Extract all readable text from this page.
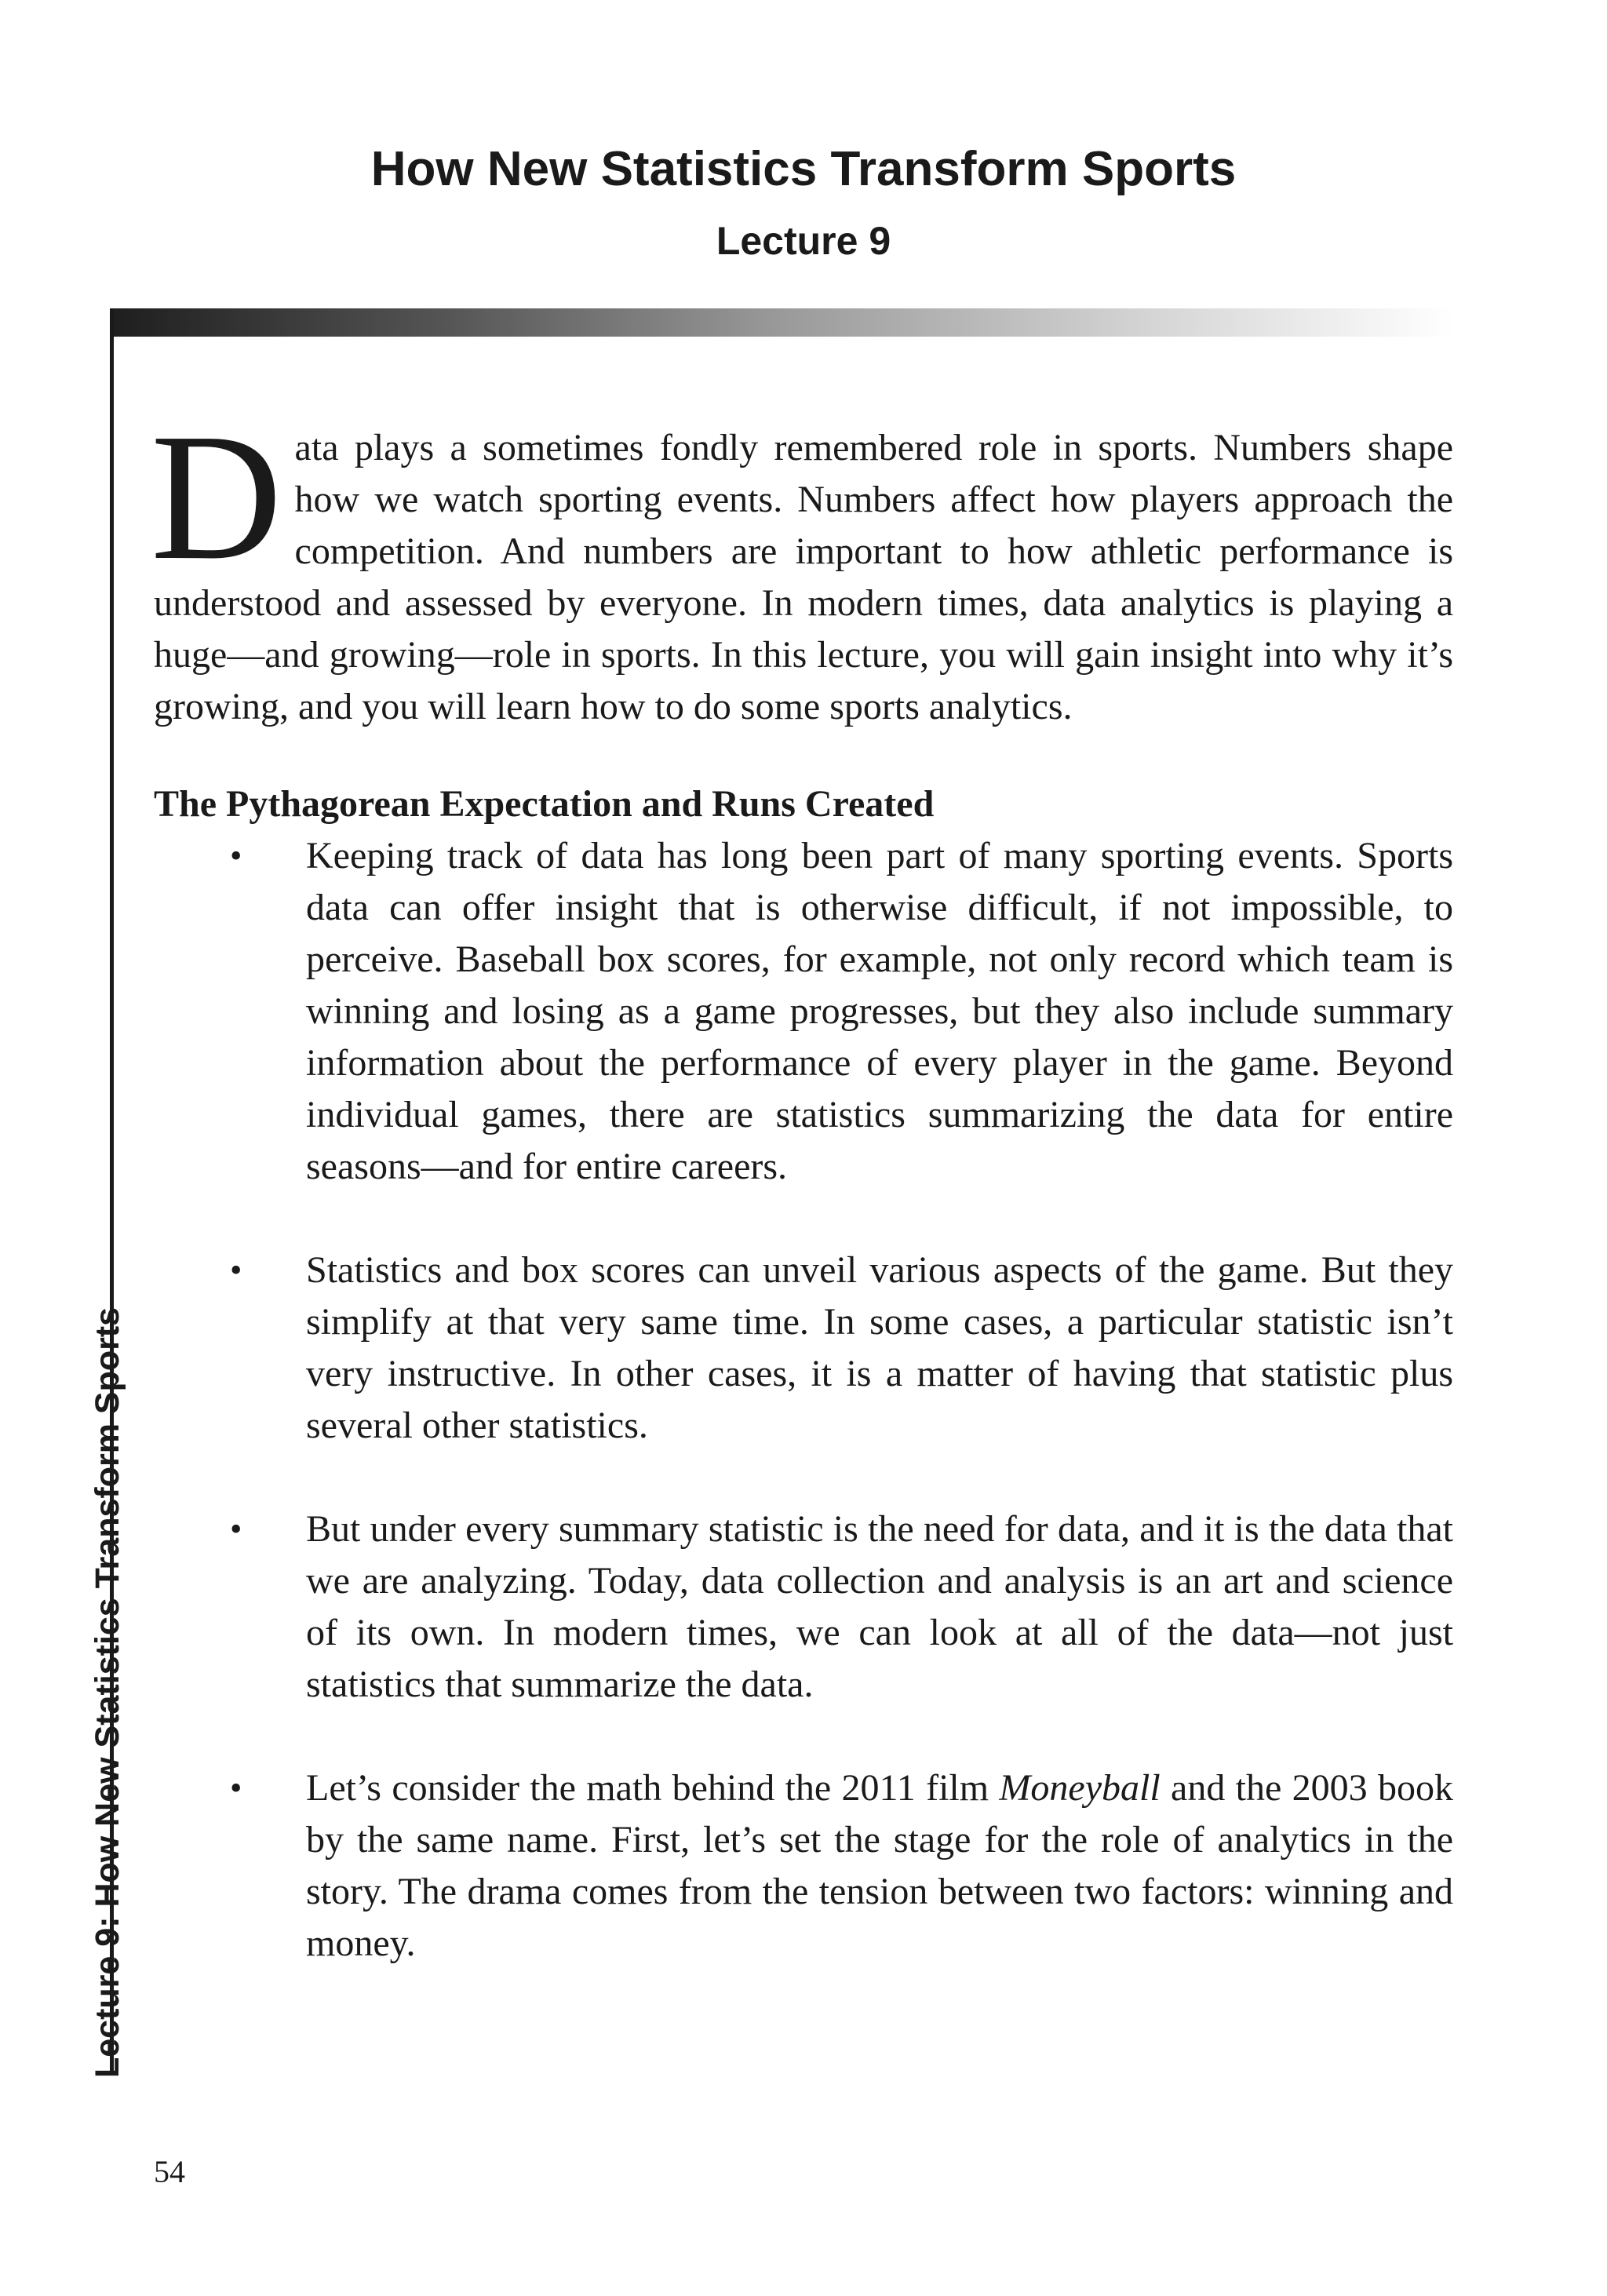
How New Statistics Transform Sports
Lecture 9
Lecture 9: How New Statistics Transform Sports

Data plays a sometimes fondly remembered role in sports. Numbers shape how we watch sporting events. Numbers affect how players approach the competition. And numbers are important to how athletic performance is understood and assessed by everyone. In modern times, data analytics is playing a huge—and growing—role in sports. In this lecture, you will gain insight into why it’s growing, and you will learn how to do some sports analytics.

The Pythagorean Expectation and Runs Created
• Keeping track of data has long been part of many sporting events. Sports data can offer insight that is otherwise difficult, if not impossible, to perceive. Baseball box scores, for example, not only record which team is winning and losing as a game progresses, but they also include summary information about the performance of every player in the game. Beyond individual games, there are statistics summarizing the data for entire seasons—and for entire careers.
• Statistics and box scores can unveil various aspects of the game. But they simplify at that very same time. In some cases, a particular statistic isn’t very instructive. In other cases, it is a matter of having that statistic plus several other statistics.
• But under every summary statistic is the need for data, and it is the data that we are analyzing. Today, data collection and analysis is an art and science of its own. In modern times, we can look at all of the data—not just statistics that summarize the data.
• Let’s consider the math behind the 2011 film Moneyball and the 2003 book by the same name. First, let’s set the stage for the role of analytics in the story. The drama comes from the tension between two factors: winning and money.
54
